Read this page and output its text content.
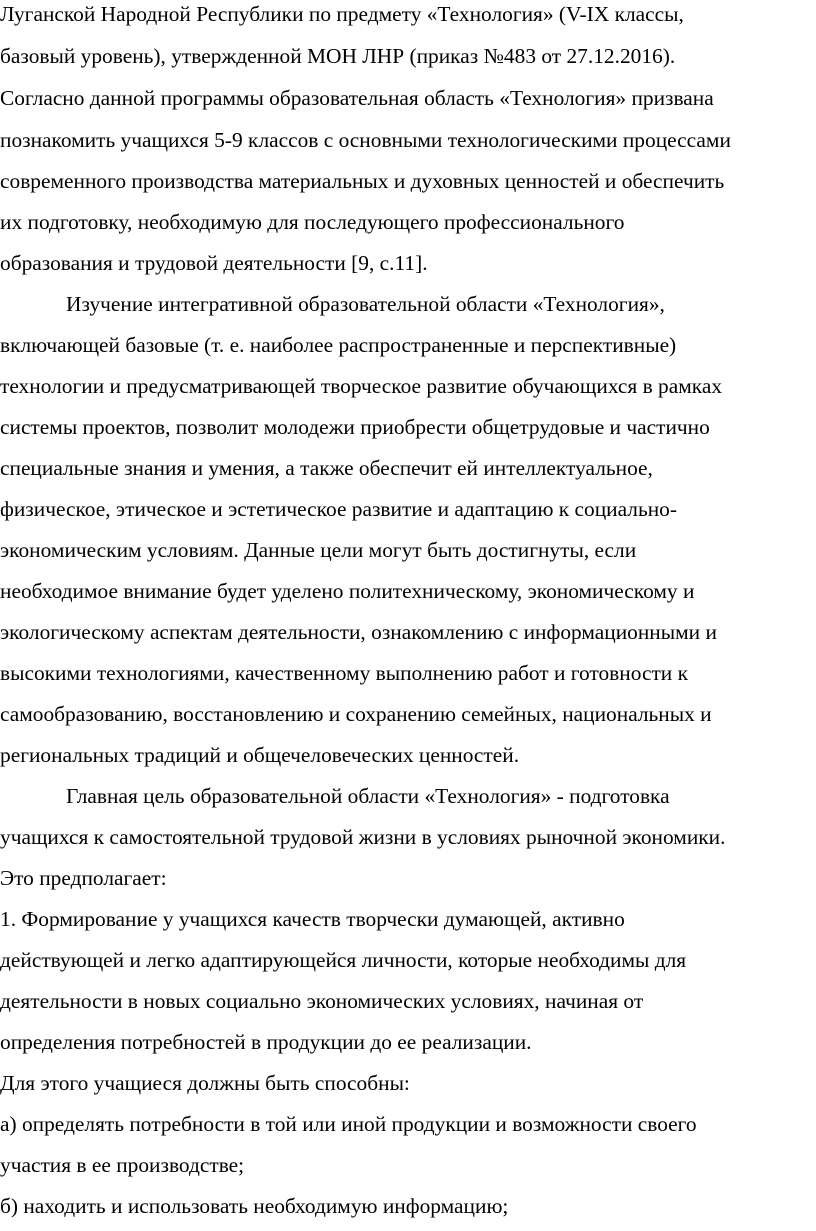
Луганской Народной Республики по предмету «Технология» (V-IX классы,
базовый уровень), утвержденной МОН ЛНР (приказ №483 от 27.12.2016).
Согласно данной программы образовательная область «Технология» призвана
познакомить учащихся 5-9 классов с основными технологическими процессами
современного производства материальных и духовных ценностей и обеспечить
их подготовку, необходимую для последующего профессионального
образования и трудовой деятельности [9, с.11].
Изучение интегративной образовательной области «Технология»,
включающей базовые (т. е. наиболее распространенные и перспективные)
технологии и предусматривающей творческое развитие обучающихся в рамках
системы проектов, позволит молодежи приобрести общетрудовые и частично
специальные знания и умения, а также обеспечит ей интеллектуальное,
физическое, этическое и эстетическое развитие и адаптацию к социально-
экономическим условиям. Данные цели могут быть достигнуты, если
необходимое внимание будет уделено политехническому, экономическому и
экологическому аспектам деятельности, ознакомлению с информационными и
высокими технологиями, качественному выполнению работ и готовности к
самообразованию, восстановлению и сохранению семейных, национальных и
региональных традиций и общечеловеческих ценностей.
Главная цель образовательной области «Технология» - подготовка
учащихся к самостоятельной трудовой жизни в условиях рыночной экономики.
Это предполагает:
1. Формирование у учащихся качеств творчески думающей, активно
действующей и легко адаптирующейся личности, которые необходимы для
деятельности в новых социально экономических условиях, начиная от
определения потребностей в продукции до ее реализации.
Для этого учащиеся должны быть способны:
а) определять потребности в той или иной продукции и возможности своего
участия в ее производстве;
б) находить и использовать необходимую информацию;
